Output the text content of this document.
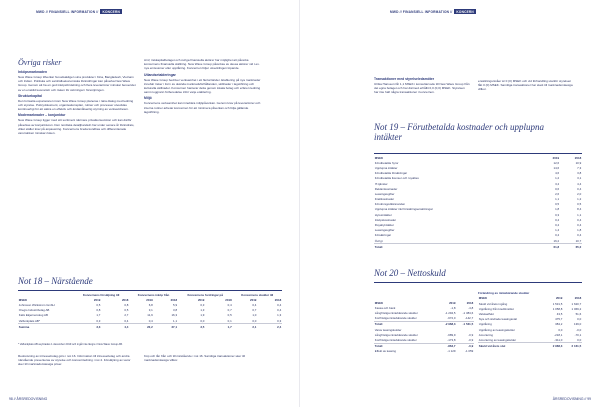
MWD // FINANSIELL INFORMATION //	KONCERN
Övriga risker
Inköpsmarknaden

New Wave Group tillverkar huvudsakligen sina produkter i Kina, Bangladesh, Vietnam och Indien. Politiska och samhällsekonomiska förändringar kan påverka New Wave Group. Genom att ha en god inköpsfördelning och flera leverantörer minskar beroendet av en enskild leverantör och risken för störningar i försörjningen.

Strukturkapital

Den fortsatta expansionen inom New Wave Group planeras i nära dialog med ledning och styrelse. Policydokument, organisationsplan, rutiner och processer utvecklas kontinuerligt för att säkra en effektiv och ändamålsenlig styrning av verksamheten.

Modemarknader – konjunktur

New Wave Group ligger med sitt sortiment närmare privatkonsumtion och kan därför påverkas av konjunkturen. Den nordiska detaljhandeln har under senare år förändrats, vilket ställer krav på anpassning. Koncernens breda kundbas och differentierade varumärken minskar risken.

Amf, riskkapitalbolaget och övriga finansiella aktörer har möjlighet att påverka koncernens finansiella ställning. New Wave Group påverkas av dessa aktörer vid t.ex. nya emissioner eller upplåning. Koncernen följer utvecklingen löpande.

Utlandsetableringar

New Wave Group bedriver verksamhet i ett flertal länder. Etablering på nya marknader innebär risker i form av okända marknadsförhållanden, skillnader i lagstiftning och kulturella skillnader. Koncernen hanterar detta genom lokala bolag och erfaren ledning samt noggrann förberedelse inför varje etablering.

Miljö

Koncernens verksamhet kan innebära miljöpåverkan. Genom krav på leverantörer och interna rutiner arbetar koncernen för att minimera påverkan och följa gällande lagstiftning.

Not 18 – Närstående
	Koncernens försäljning till		Koncernens inköp från		Koncernens fordringar på		Koncernens skulder till	
MSEK	2019	2018	2019	2018	2019	2018	2019	2018
Johnsson Wickstrom GmbH	0,5	0,8	6,8	5,9	0,3	0,4	0,4	0,4
Oregio Industribolag AB	0,8	0,5	3,1	3,8	1,3	0,7	0,7	0,4
Kalix Ekjernenskog AB	1,7	2,7	11,9	16,3	1,9	0,5	1,0	1,3
Valfunkplats AB*	0,3	0,4	0,4	1,1	0,0	0,1	0,0	0,3
Summa	3,3	4,4	22,2	27,1	3,5	1,7	2,1	2,4
* Valfunkplats AB avyttrades 1 december 2019 och ingår inte längre i New Wave Group AB.

Redovisning av intressebolag görs i not 16. Information till intressebolag och andra närstående presenteras av styrelse och koncernledning i not 4. Försäljning av varor sker till marknadsmässiga priser.

Köp och lån från och till närstående i not 16. Samtliga transaktioner sker till marknadsmässiga villkor.

98 // ÅRSREDOVISNING
MWD // FINANSIELL INFORMATION //	KONCERN
Transaktioner med styrelseledamöter

Ulrika Hansson får 1,1 MSEK i konsultarvode till New Wave Group från det egna bolaget och har därmed erhållit 0,0 (0,0) MSEK. Styrelsen har inte haft några transaktioner i koncernen.

ersättningsnivåer är 0 (0) MSEK och vid förhandling utanför styrelsen fått 0 (0) MSEK. Samtliga transaktioner har skett till marknadsmässiga villkor.

Not 19 – Förutbetalda kostnader och upplupna intäkter
MSEK	2019	2018
Förutbetalda hyror	12,6	10,9
Upplupna intäkter	14,6	7,3
Förutbetalda försäkringar	4,6	3,8
Förutbetalda licenser och royalties	1,2	3,1
IT-tjänster	3,4	4,4
Reklamkostnader	0,6	0,4
Leasingavgifter	2,6	2,0
Fraktkostnader	1,1	1,2
Förvärvsgodkännanden	0,5	0,5
Upplupna intäkter inkl försäkringsersättningar	1,8	8,4
Hyresintäkter	0,3	1,1
Inköpskostnader	0,4	0,4
Royaltyintäkter	0,4	0,4
Leasingavgifter	1,4	1,8
Försäkringar	0,4	0,4
Övrigt	16,2	10,7
Totalt	61,8	65,2
Not 20 – Nettoskuld
MSEK	2019	2018
Kassa och bank	-1,8	-4,8
Långfristiga räntebärande skulder	-1 294,5	-1 384,6
Kortfristiga räntebärande skulder	-672,0	-142,7
Totalt	-2 968,3	-1 531,5
Varav leasingskulder		
Långfristiga räntebärande skulder	-689,9	-0,9
Kortfristiga räntebärande skulder	-173,8	-0,9
Totalt	-863,7	-0,9
Effekt av leasing	-1 129	-1 059
Förändring av räntebärande skulder
MSEK	2019	2018
Skuld vid årets ingång	1 531,5	1 620,7
Upplåning från kreditinstitut	1 058,8	1 069,2
Valutaeffekt	43,5	51,6
Nya och ändrade leasingavtal	475,7	0,0
Upplåning	384,2	139,0
Upplåning av leasingskulder	0,0	-0,0
Amortering	-218,1	-70,1
Amortering av leasingskulder	-311,0	0,0
Skuld vid årets slut	2 968,3	2 161,5
ÅRSREDOVISNING // 99
